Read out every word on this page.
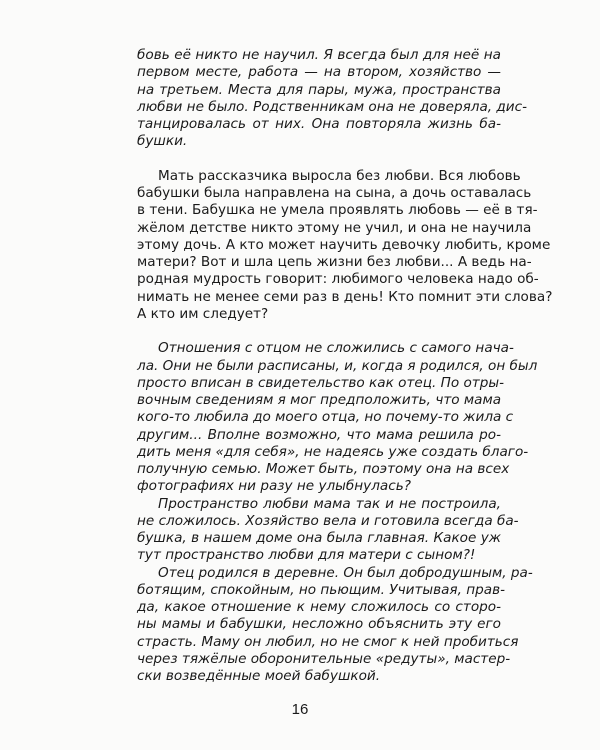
бовь её никто не научил. Я всегда был для неё на
первом месте, работа — на втором, хозяйство —
на третьем. Места для пары, мужа, пространства
любви не было. Родственникам она не доверяла, дис-
танцировалась от них. Она повторяла жизнь ба-
бушки.
Мать рассказчика выросла без любви. Вся любовь
бабушки была направлена на сына, а дочь оставалась
в тени. Бабушка не умела проявлять любовь — её в тя-
жёлом детстве никто этому не учил, и она не научила
этому дочь. А кто может научить девочку любить, кроме
матери? Вот и шла цепь жизни без любви... А ведь на-
родная мудрость говорит: любимого человека надо об-
нимать не менее семи раз в день! Кто помнит эти слова?
А кто им следует?
Отношения с отцом не сложились с самого нача-
ла. Они не были расписаны, и, когда я родился, он был
просто вписан в свидетельство как отец. По отры-
вочным сведениям я мог предположить, что мама
кого-то любила до моего отца, но почему-то жила с
другим... Вполне возможно, что мама решила ро-
дить меня «для себя», не надеясь уже создать благо-
получную семью. Может быть, поэтому она на всех
фотографиях ни разу не улыбнулась?
Пространство любви мама так и не построила,
не сложилось. Хозяйство вела и готовила всегда ба-
бушка, в нашем доме она была главная. Какое уж
тут пространство любви для матери с сыном?!
Отец родился в деревне. Он был добродушным, ра-
ботящим, спокойным, но пьющим. Учитывая, прав-
да, какое отношение к нему сложилось со сторо-
ны мамы и бабушки, несложно объяснить эту его
страсть. Маму он любил, но не смог к ней пробиться
через тяжёлые оборонительные «редуты», мастер-
ски возведённые моей бабушкой.
16
